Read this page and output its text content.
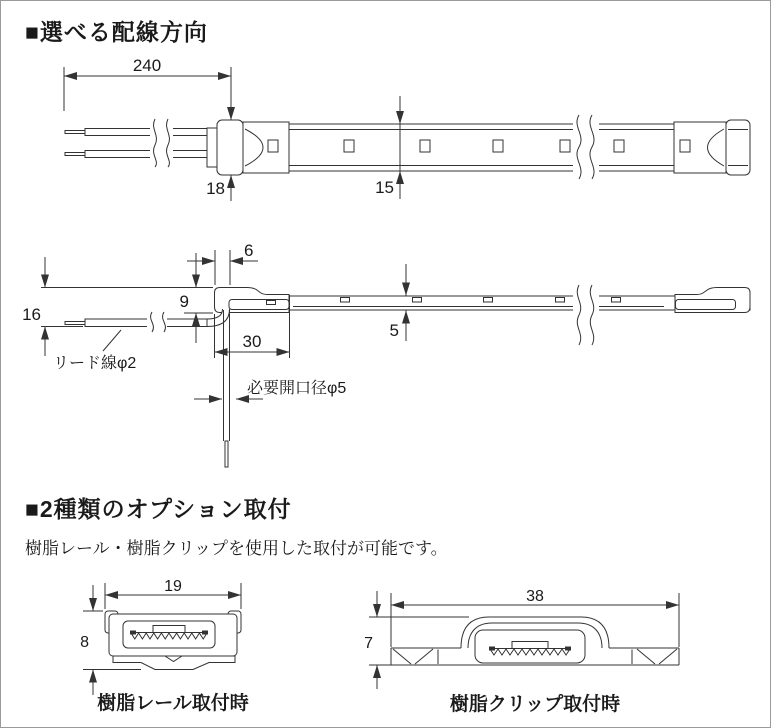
■選べる配線方向
240
18	15
6
9
16
30
5
リード線φ2
必要開口径φ5
■2種類のオプション取付
樹脂レール・樹脂クリップを使用した取付が可能です。
19
8
樹脂レール取付時
38
7
樹脂クリップ取付時
